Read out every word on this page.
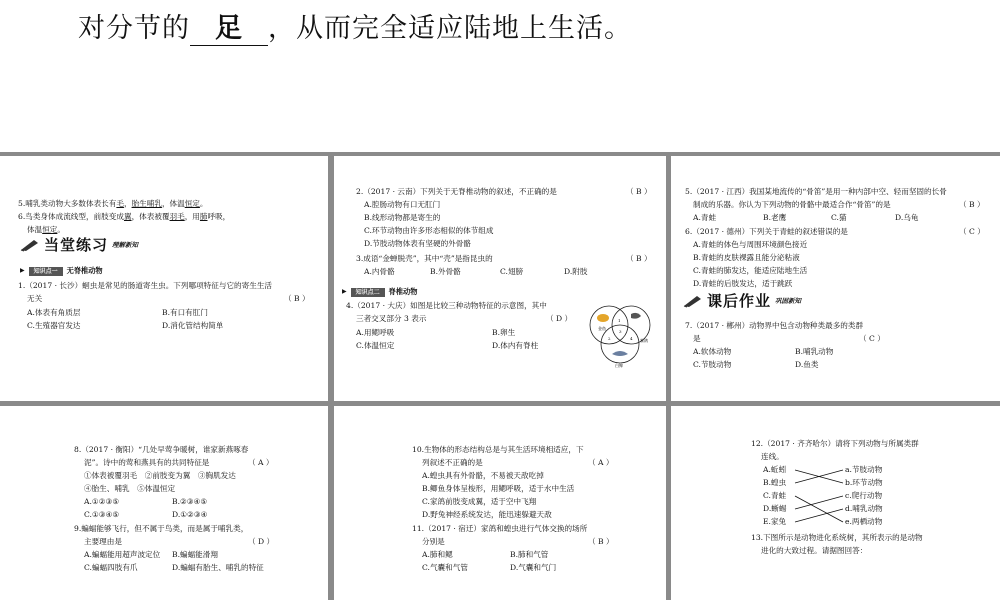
对分节的 足 ，从而完全适应陆地上生活。
5.哺乳类动物大多数体表长有毛，胎生哺乳，体温恒定。
6.鸟类身体成流线型，前肢变成翼，体表被覆羽毛，用肺呼吸，
体温恒定。
当堂练习 理解新知
▶	知识点一	无脊椎动物
1.（2017 · 长沙）蛔虫是常见的肠道寄生虫。下列哪项特征与它的寄生生活
无关	（ B ）
A.体表有角质层	B.有口有肛门
C.生殖器官发达	D.消化管结构简单
2.（2017 · 云南）下列关于无脊椎动物的叙述，不正确的是	（ B ）
A.腔肠动物有口无肛门
B.线形动物都是寄生的
C.环节动物由许多形态相似的体节组成
D.节肢动物体表有坚硬的外骨骼
3.成语“金蝉脱壳”，其中“壳”是指昆虫的	（ B ）
A.内骨骼	B.外骨骼	C.翅膀	D.附肢
▶	知识点二	脊椎动物
4.（2017 · 大庆）如图是比较三种动物特征的示意图，其中
三者交叉部分 3 表示	（ D ）
A.用鳃呼吸	B.卵生
C.体温恒定	D.体内有脊柱
金鱼
家鸽
白鲸
1
2
3
4
5.（2017 · 江西）我国某地流传的“骨笛”是用一种内部中空、轻而坚固的长骨
制成的乐器。你认为下列动物的骨骼中最适合作“骨笛”的是	（ B ）
A.青蛙	B.老鹰	C.猫	D.乌龟
6.（2017 · 德州）下列关于青蛙的叙述错误的是	（ C ）
A.青蛙的体色与周围环境颜色接近
B.青蛙的皮肤裸露且能分泌粘液
C.青蛙的肺发达，能适应陆地生活
D.青蛙的后肢发达，适于跳跃
课后作业 巩固新知
7.（2017 · 郴州）动物界中包含动物种类最多的类群
是	（ C ）
A.软体动物	B.哺乳动物
C.节肢动物	D.鱼类
8.（2017 · 衡阳）“几处早莺争暖树，谁家新燕啄春
泥”。诗中的莺和燕具有的共同特征是	（ A ）
①体表被覆羽毛　②前肢变为翼　③胸肌发达
④胎生、哺乳　⑤体温恒定
A.①②③⑤	B.②③④⑤
C.①③④⑤	D.①②③④
9.蝙蝠能够飞行，但不属于鸟类，而是属于哺乳类，
主要理由是	（ D ）
A.蝙蝠能用超声波定位 B.蝙蝠能滑翔
C.蝙蝠四肢有爪	D.蝙蝠有胎生、哺乳的特征
10.生物体的形态结构总是与其生活环境相适应，下
列叙述不正确的是	（ A ）
A.蝗虫具有外骨骼，不易被天敌吃掉
B.鲫鱼身体呈梭形，用鳃呼吸，适于水中生活
C.家鸽前肢变成翼，适于空中飞翔
D.野兔神经系统发达，能迅速躲避天敌
11.（2017 · 宿迁）家鸽和蝗虫进行气体交换的场所
分别是	（ B ）
A.肺和鳃	B.肺和气管
C.气囊和气管	D.气囊和气门
12.（2017 · 齐齐哈尔）请将下列动物与所属类群
连线。
A.蚯蚓
B.蝗虫
C.青蛙
D.蜥蜴
E.家兔
a.节肢动物
b.环节动物
c.爬行动物
d.哺乳动物
e.两栖动物
13.下图所示是动物进化系统树，其所表示的是动物
进化的大致过程。请据图回答：
